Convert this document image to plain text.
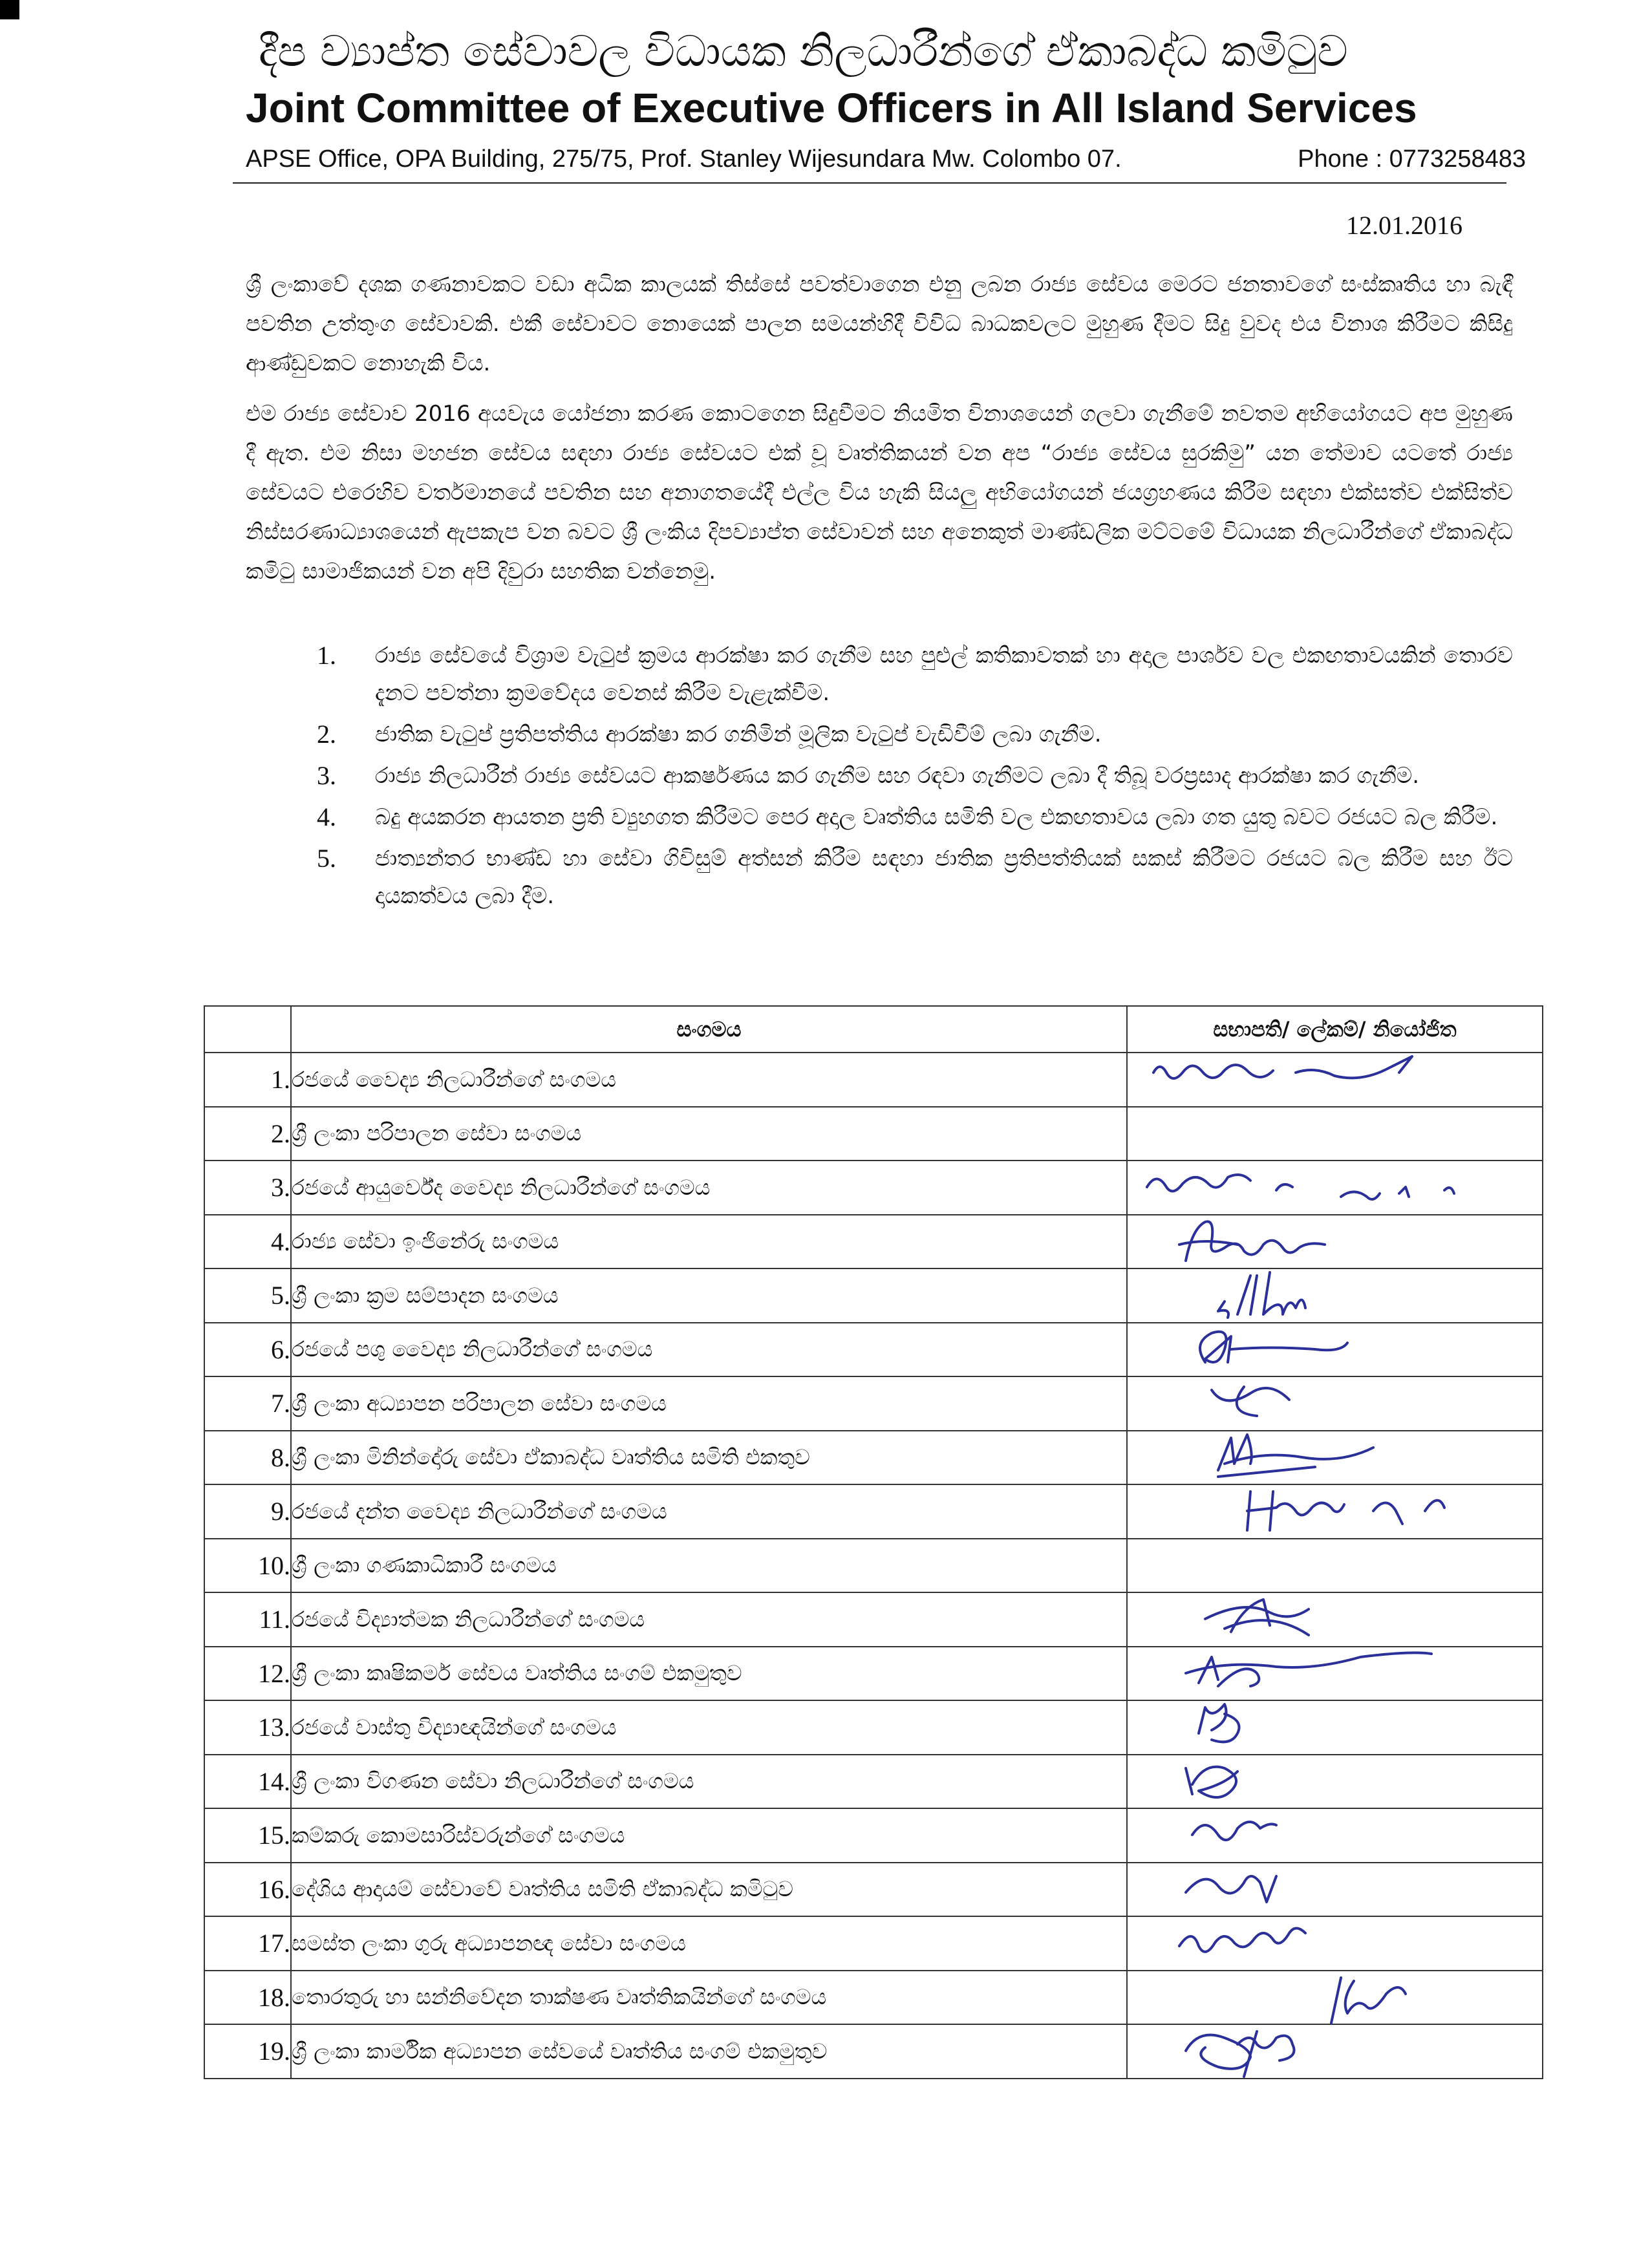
දීප ව්‍යාප්ත සේවාවල විධායක නිලධාරීන්ගේ ඒකාබද්ධ කමිටුව
Joint Committee of Executive Officers in All Island Services
APSE Office, OPA Building, 275/75, Prof. Stanley Wijesundara Mw. Colombo 07.	Phone : 0773258483
12.01.2016
ශ්‍රී ලංකාවේ දශක ගණනාවකට වඩා අධික කාලයක් තිස්සේ පවත්වාගෙන එනු ලබන රාජ්‍ය සේවය මෙරට ජනතාවගේ සංස්කෘතිය හා බැඳී පවතින උත්තුංග සේවාවකි. එකී සේවාවට නොයෙක් පාලන සමයන්හිදී විවිධ බාධකවලට මුහුණ දීමට සිදු වුවද එය විනාශ කිරීමට කිසිදු ආණ්ඩුවකට නොහැකි විය.
එම රාජ්‍ය සේවාව 2016 අයවැය යෝජනා කරණ කොටගෙන සිදුවීමට නියමිත විනාශයෙන් ගලවා ගැනීමේ නවතම අභියෝගයට අප මුහුණ දී ඇත. එම නිසා මහජන සේවය සඳහා රාජ්‍ය සේවයට එක් වූ වෘත්තිකයන් වන අප “රාජ්‍ය සේවය සුරකිමු” යන තේමාව යටතේ රාජ්‍ය සේවයට එරෙහිව වර්තමානයේ පවතින සහ අනාගතයේදී එල්ල විය හැකි සියලු අභියෝගයන් ජයග්‍රහණය කිරීම සඳහා එක්සත්ව එක්සිත්ව නිස්සරණාධ්‍යාශයෙන් ඇපකැප වන බවට ශ්‍රී ලංකිය දිපව්‍යාප්ත සේවාවන් සහ අනෙකුත් මාණ්ඩලික මට්ටමේ විධායක නිලධාරීන්ගේ ඒකාබද්ධ කමිටු සාමාජිකයන් වන අපි දිවුරා සහතික වන්නෙමු.
1.	රාජ්‍ය සේවයේ විශ්‍රාම වැටුප් ක්‍රමය ආරක්ෂා කර ගැනීම සහ පුළුල් කතිකාවතක් හා අදාල පාර්ශව වල එකඟතාවයකින් තොරව දැනට පවත්නා ක්‍රමවේදය වෙනස් කිරීම වැළැක්වීම.
2.	ජාතික වැටුප් ප්‍රතිපත්තිය ආරක්ෂා කර ගනිමින් මූලික වැටුප් වැඩිවීම් ලබා ගැනීම.
3.	රාජ්‍ය නිලධාරීන් රාජ්‍ය සේවයට ආකර්ෂණය කර ගැනීම සහ රඳවා ගැනීමට ලබා දී තිබූ වරප්‍රසාද ආරක්ෂා කර ගැනීම.
4.	බදු අයකරන ආයතන ප්‍රති ව්‍යුහගත කිරීමට පෙර අදාල වෘත්තිය සමිති වල එකඟතාවය ලබා ගත යුතු බවට රජයට බල කිරීම.
5.	ජාත්‍යන්තර භාණ්ඩ හා සේවා ගිවිසුම් අත්සන් කිරීම සඳහා ජාතික ප්‍රතිපත්තියක් සකස් කිරීමට රජයට බල කිරීම සහ ඊට දායකත්වය ලබා දීම.
	සංගමය	සභාපති/ ලේකම්/ නියෝජිත
1.	රජයේ වෛද්‍ය නිලධාරීන්ගේ සංගමය	

2.	ශ්‍රී ලංකා පරිපාලන සේවා සංගමය	
3.	රජයේ ආයුර්වේද වෛද්‍ය නිලධාරීන්ගේ සංගමය	

4.	රාජ්‍ය සේවා ඉංජිනේරු සංගමය	

5.	ශ්‍රී ලංකා ක්‍රම සම්පාදන සංගමය	

6.	රජයේ පශු වෛද්‍ය නිලධාරීන්ගේ සංගමය	

7.	ශ්‍රී ලංකා අධ්‍යාපන පරිපාලන සේවා සංගමය	

8.	ශ්‍රී ලංකා මිනින්දෝරු සේවා ඒකාබද්ධ වෘත්තිය සමිති එකතුව	

9.	රජයේ දන්ත වෛද්‍ය නිලධාරීන්ගේ සංගමය	

10.	ශ්‍රී ලංකා ගණකාධිකාරී සංගමය	
11.	රජයේ විද්‍යාත්මක නිලධාරීන්ගේ සංගමය	

12.	ශ්‍රී ලංකා කෘෂිකර්ම සේවය වෘත්තිය සංගම් එකමුතුව	

13.	රජයේ වාස්තු විද්‍යාඥයින්ගේ සංගමය	

14.	ශ්‍රී ලංකා විගණන සේවා නිලධාරීන්ගේ සංගමය	

15.	කම්කරු කොමසාරිස්වරුන්ගේ සංගමය	

16.	දේශිය ආදායම් සේවාවේ වෘත්තිය සමිති ඒකාබද්ධ කමිටුව	

17.	සමස්ත ලංකා ගුරු අධ්‍යාපනඥ සේවා සංගමය	

18.	තොරතුරු හා සන්නිවේදන තාක්ෂණ වෘත්තිකයින්ගේ සංගමය	

19.	ශ්‍රී ලංකා කාර්මික අධ්‍යාපන සේවයේ වෘත්තිය සංගම් එකමුතුව	
